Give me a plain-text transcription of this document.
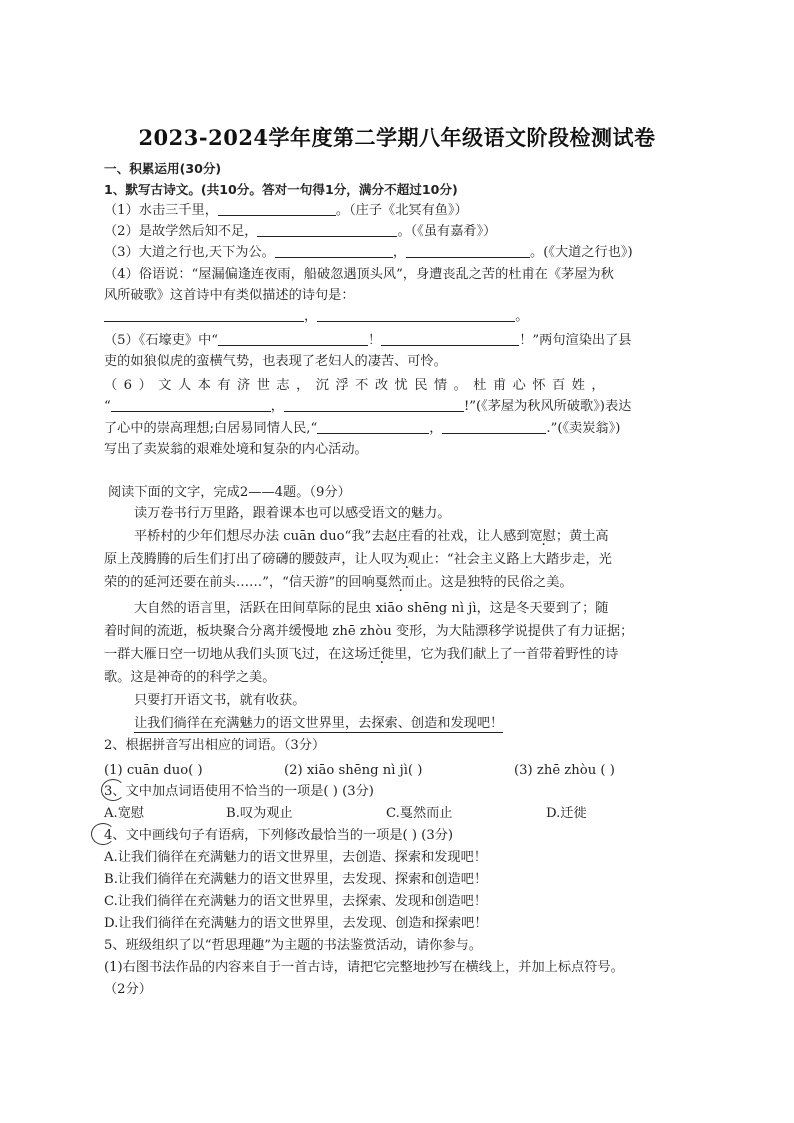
2023-2024学年度第二学期八年级语文阶段检测试卷
一、积累运用(30分)
1、默写古诗文。(共10分。答对一句得1分，满分不超过10分)
（1）水击三千里，	。（庄子《北冥有鱼》）
（2）是故学然后知不足，	。（《虽有嘉肴》）
（3）大道之行也,天下为公。	，	。(《大道之行也》)
（4）俗语说：“屋漏偏逢连夜雨，船破忽遇顶头风”，身遭丧乱之苦的杜甫在《茅屋为秋
风所破歌》这首诗中有类似描述的诗句是：
，	。
（5）《石壕吏》中“	！	！”两句渲染出了县
吏的如狼似虎的蛮横气势，也表现了老妇人的凄苦、可怜。
（6）文人本有济世志，沉浮不改忧民情。杜甫心怀百姓，
“	，	!”(《茅屋为秋风所破歌》)表达
了心中的崇高理想;白居易同情人民,“	，	.”(《卖炭翁》)
写出了卖炭翁的艰难处境和复杂的内心活动。
阅读下面的文字，完成2——4题。（9分）
读万卷书行万里路，跟着课本也可以感受语文的魅力。
平桥村的少年们想尽办法 cuān duo“我”去赵庄看的社戏，让人感到宽慰；黄土高
原上茂腾腾的后生们打出了磅礴的腰鼓声，让人叹为观止：“社会主义路上大踏步走，光
荣的的延河还要在前头……”，“信天游”的回响戛然而止。这是独特的民俗之美。
大自然的语言里，活跃在田间草际的昆虫 xiāo shēng nì jì，这是冬天要到了；随
着时间的流逝，板块聚合分离并缓慢地 zhē zhòu 变形，为大陆漂移学说提供了有力证据；
一群大雁日空一切地从我们头顶飞过，在这场迁徙里，它为我们献上了一首带着野性的诗
歌。这是神奇的的科学之美。
只要打开语文书，就有收获。
让我们徜徉在充满魅力的语文世界里，去探索、创造和发现吧！
2、根据拼音写出相应的词语。（3分）
(1) cuān duo( )	(2) xiāo shēng nì jì( )	(3) zhē zhòu ( )
3、文中加点词语使用不恰当的一项是( ) (3分)
A.宽慰	B.叹为观止	C.戛然而止	D.迁徙
4、文中画线句子有语病，下列修改最恰当的一项是( ) (3分)
A.让我们徜徉在充满魅力的语文世界里，去创造、探索和发现吧！
B.让我们徜徉在充满魅力的语文世界里，去发现、探索和创造吧！
C.让我们徜徉在充满魅力的语文世界里，去探索、发现和创造吧！
D.让我们徜徉在充满魅力的语文世界里，去发现、创造和探索吧！
5、班级组织了以“哲思理趣”为主题的书法鉴赏活动，请你参与。
(1)右图书法作品的内容来自于一首古诗，请把它完整地抄写在横线上，并加上标点符号。
（2分）
